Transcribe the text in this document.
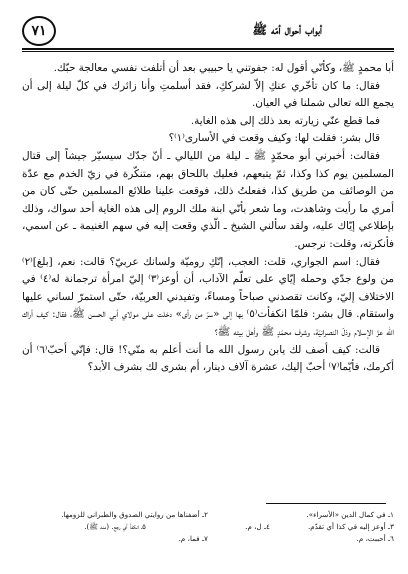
٧١	أبواب أحوال أمّه ﷺ

أبا محمدٍ ﷺ، وكأنّي أقول له: جفوتني يا حبيبي بعد أن أتلفت نفسي معالجة حبّك.

فقال: ما كان تأخّري عنكِ إلاّ لشرككِ، فقد أسلمتِ وأنا زائرك في كلّ ليلة إلى أن يجمع الله تعالى شملنا في العيان.

فما قطع عنّي زيارته بعد ذلك إلى هذه الغاية.

قال بشر: فقلت لها: وكيف وقعت في الأسارى⁽١⁾؟

فقالت: أخبرني أبو محمّدٍ ﷺ ـ ليلة من الليالي ـ أنّ جدّك سيسيّر جيشاً إلى قتال المسلمين يوم كذا وكذا، ثمّ يتبعهم، فعليك باللحاق بهم، متنكّرة في زيّ الخدم مع عدّة من الوصائف من طريق كذا، ففعلتُ ذلك، فوقعت علينا طلائع المسلمين حتّى كان من أمري ما رأيت وشاهدت، وما شعر بأنّي ابنة ملك الروم إلى هذه الغاية أحد سواك، وذلك بإطلاعي إيّاك عليه، ولقد سألني الشيخ ـ الّذي وقعت إليه في سهم الغنيمة ـ عن اسمي، فأنكرته، وقلت: نرجس.

فقال: اسم الجواري، قلت: العجب، إنّكِ روميّة ولسانك عربيّ؟ قالت: نعم، [بلغ]⁽٢⁾ من ولوع جدّي وحمله إيّاي على تعلّم الآداب، أن أوعز⁽٣⁾ إليّ امرأة ترجمانة له⁽٤⁾ في الاختلاف إليّ، وكانت تقصدني صباحاً ومساءً، وتفيدني العربيّة، حتّى استمرّ لساني عليها واستقام. قال بشر: فلمّا انكفأت⁽٥⁾ بها إلى «سرّ من رأى» دخلت على مولاي أبي الحسن ﷺ، فقال: كيف أراك الله عزّ الإسلام وذلّ النصرانيّة، وشرف محمّدٍ ﷺ وأهل بيته ﷺ؟

قالت: كيف أصف لك يابن رسول الله ما أنت أعلم به منّي؟! قال: فإنّي أحبّ⁽٦⁾ أن أكرمك، فأيّما⁽٧⁾ أحبّ إليك، عشرة آلاف دينار، أم بشرى لك بشرف الأبد؟

١ـ في كمال الدين «الأسراء».
٢ـ أضفناها من روايتي الصدوق والطبراني للزومها.
٣ـ أوعز إليه في كذا أي تقدّم.
٤ـ ل، م.
٥ـ انكفأ أي رجع. (منه ﷺ).
٦ـ أحببت، م.
٧ـ فما، م.
